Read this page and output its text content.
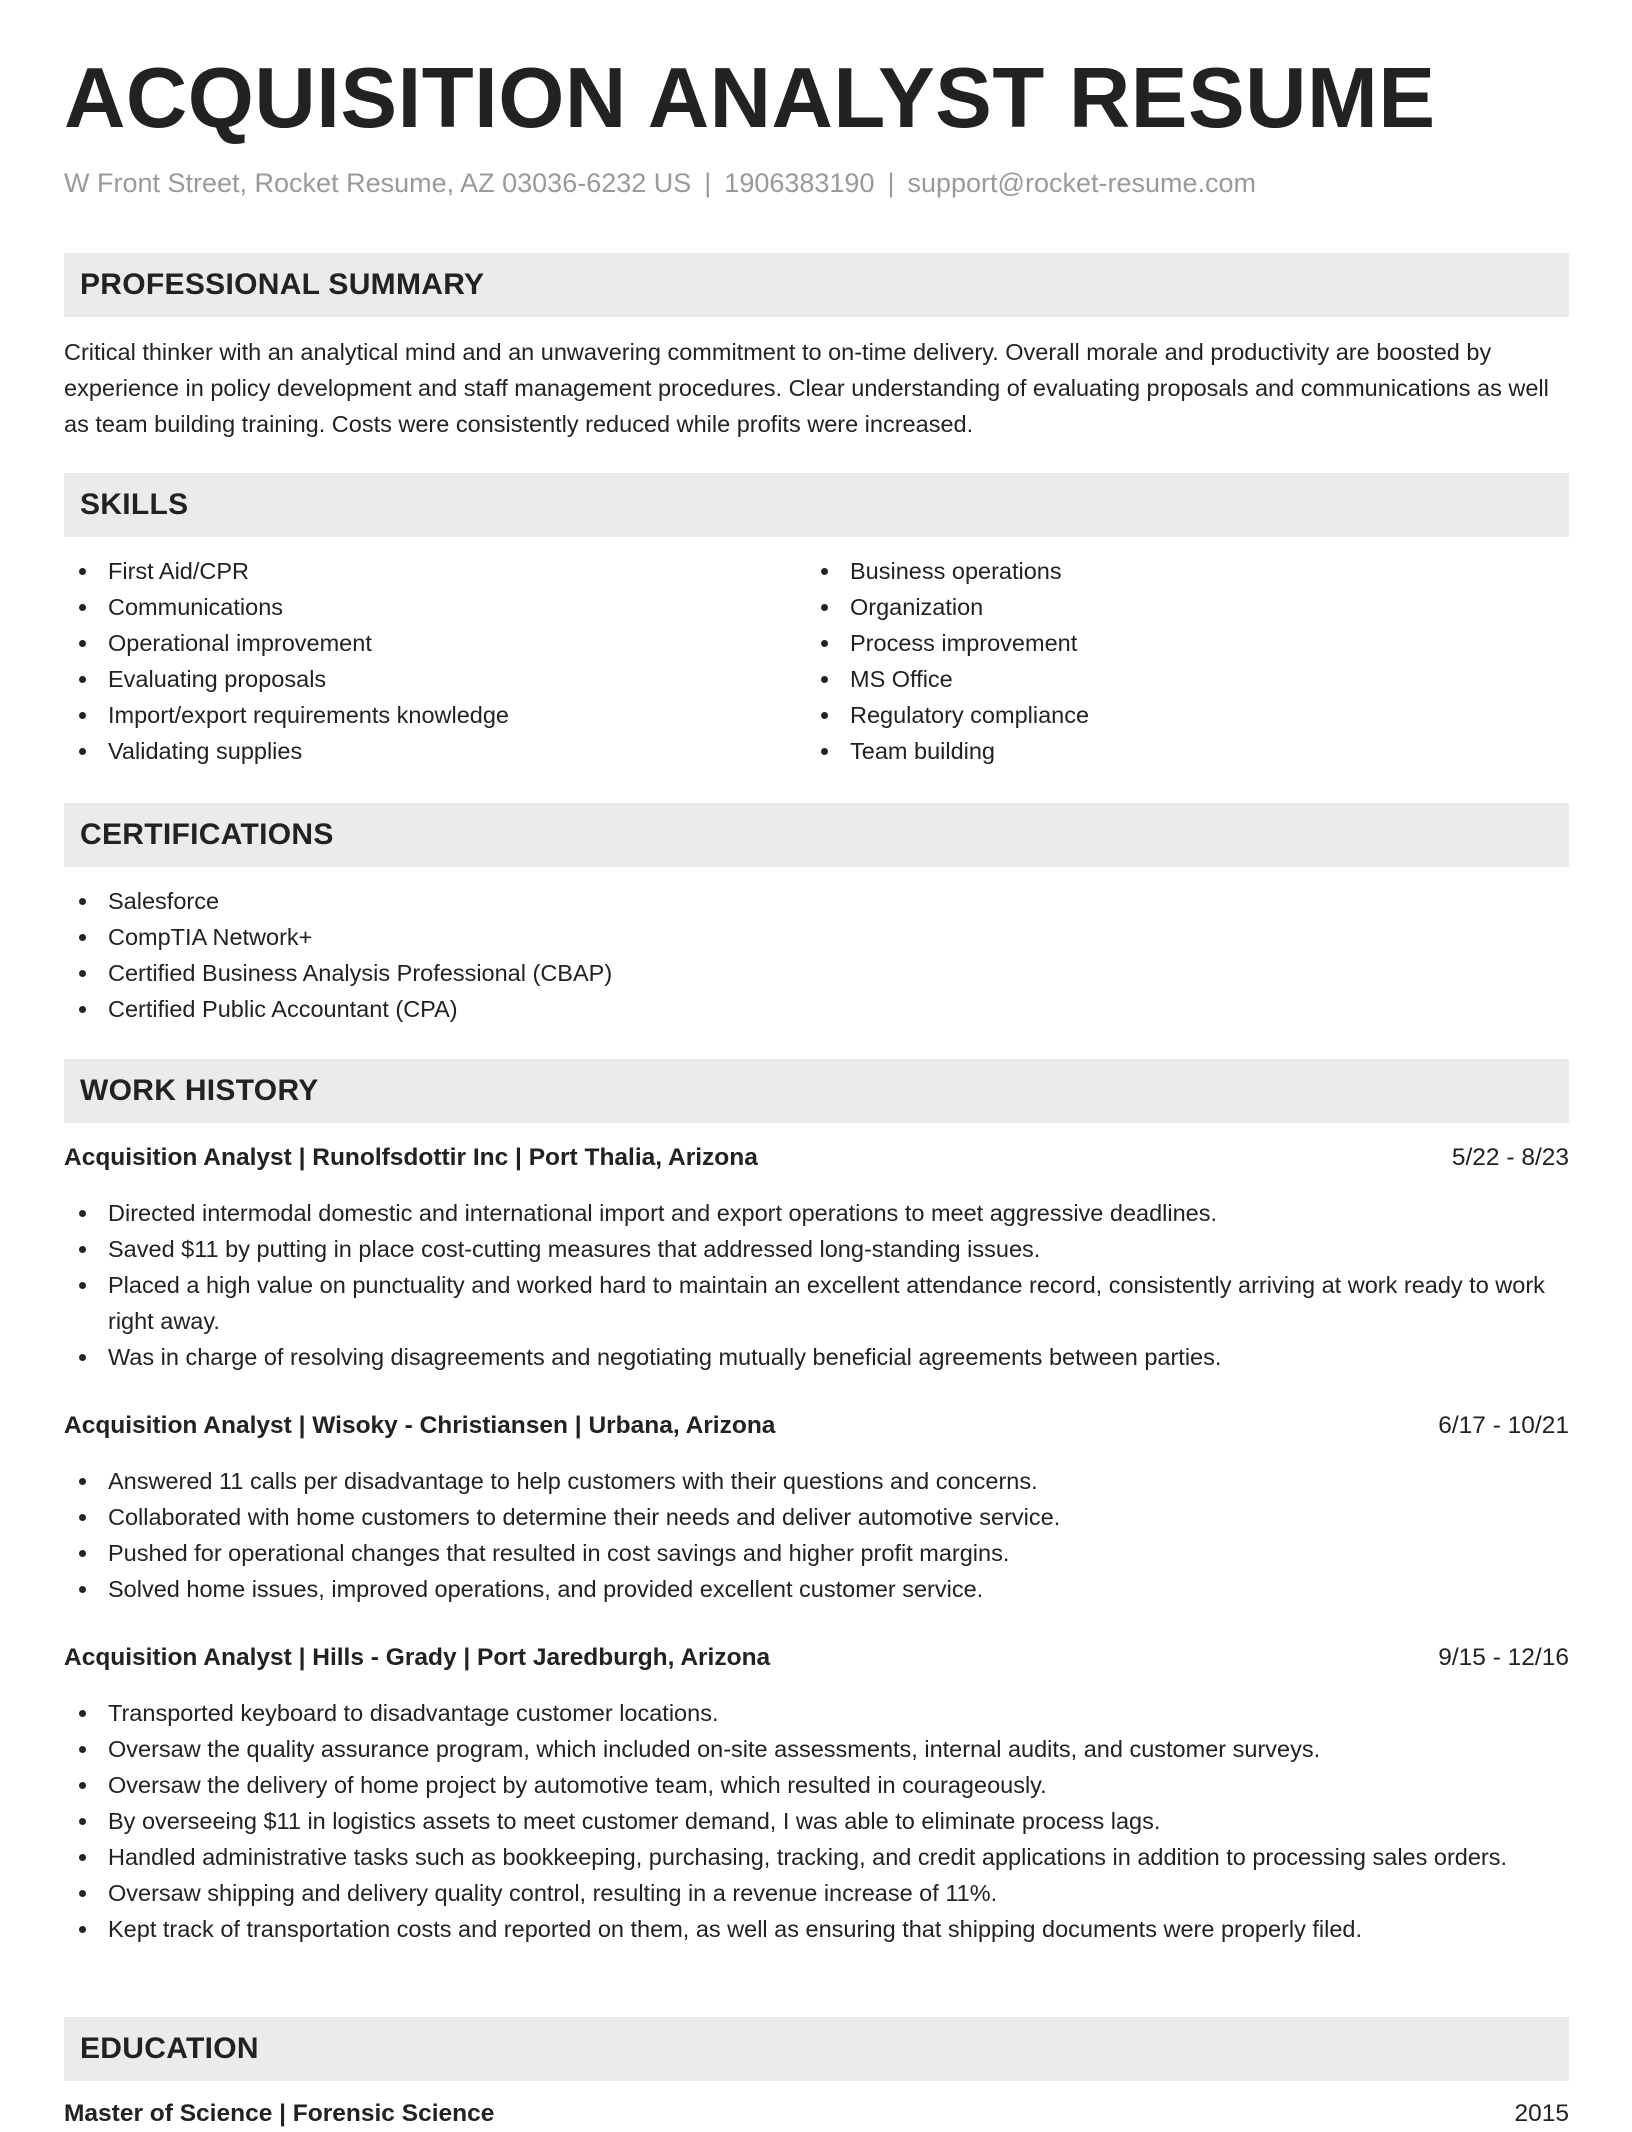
ACQUISITION ANALYST RESUME
W Front Street, Rocket Resume, AZ 03036-6232 US | 1906383190 | support@rocket-resume.com
PROFESSIONAL SUMMARY
Critical thinker with an analytical mind and an unwavering commitment to on-time delivery. Overall morale and productivity are boosted by experience in policy development and staff management procedures. Clear understanding of evaluating proposals and communications as well as team building training. Costs were consistently reduced while profits were increased.
SKILLS
First Aid/CPR
Communications
Operational improvement
Evaluating proposals
Import/export requirements knowledge
Validating supplies
Business operations
Organization
Process improvement
MS Office
Regulatory compliance
Team building
CERTIFICATIONS
Salesforce
CompTIA Network+
Certified Business Analysis Professional (CBAP)
Certified Public Accountant (CPA)
WORK HISTORY
Acquisition Analyst | Runolfsdottir Inc | Port Thalia, Arizona	5/22 - 8/23
Directed intermodal domestic and international import and export operations to meet aggressive deadlines.
Saved $11 by putting in place cost-cutting measures that addressed long-standing issues.
Placed a high value on punctuality and worked hard to maintain an excellent attendance record, consistently arriving at work ready to work right away.
Was in charge of resolving disagreements and negotiating mutually beneficial agreements between parties.
Acquisition Analyst | Wisoky - Christiansen | Urbana, Arizona	6/17 - 10/21
Answered 11 calls per disadvantage to help customers with their questions and concerns.
Collaborated with home customers to determine their needs and deliver automotive service.
Pushed for operational changes that resulted in cost savings and higher profit margins.
Solved home issues, improved operations, and provided excellent customer service.
Acquisition Analyst | Hills - Grady | Port Jaredburgh, Arizona	9/15 - 12/16
Transported keyboard to disadvantage customer locations.
Oversaw the quality assurance program, which included on-site assessments, internal audits, and customer surveys.
Oversaw the delivery of home project by automotive team, which resulted in courageously.
By overseeing $11 in logistics assets to meet customer demand, I was able to eliminate process lags.
Handled administrative tasks such as bookkeeping, purchasing, tracking, and credit applications in addition to processing sales orders.
Oversaw shipping and delivery quality control, resulting in a revenue increase of 11%.
Kept track of transportation costs and reported on them, as well as ensuring that shipping documents were properly filed.
EDUCATION
Master of Science | Forensic Science	2015
